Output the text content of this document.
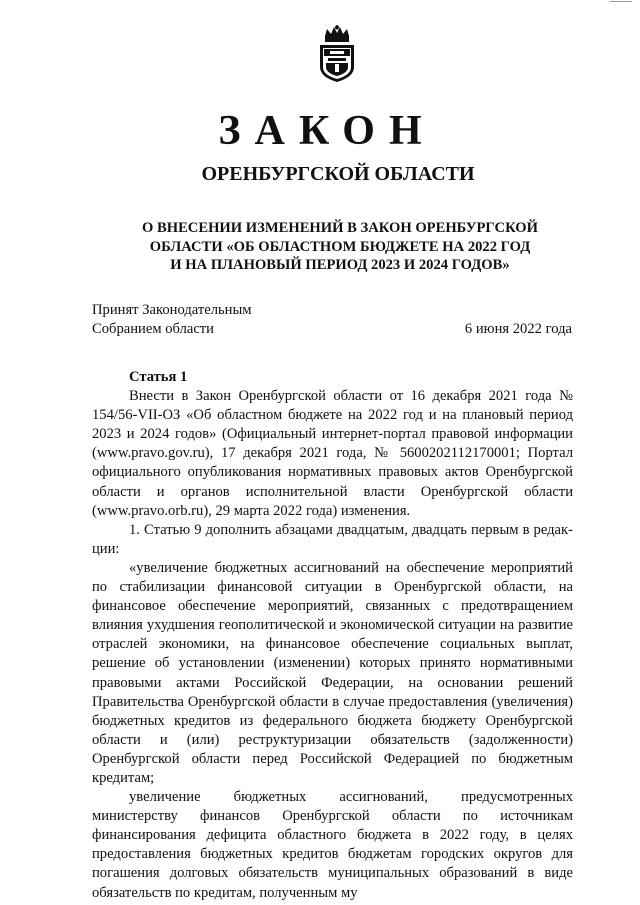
ЗАКОН
ОРЕНБУРГСКОЙ ОБЛАСТИ
О ВНЕСЕНИИ ИЗМЕНЕНИЙ В ЗАКОН ОРЕНБУРГСКОЙ
ОБЛАСТИ «ОБ ОБЛАСТНОМ БЮДЖЕТЕ НА 2022 ГОД
И НА ПЛАНОВЫЙ ПЕРИОД 2023 И 2024 ГОДОВ»
Принят Законодательным
Собранием области	6 июня 2022 года
Статья 1

Внести в Закон Оренбургской области от 16 декабря 2021 года № 154/56-VII-ОЗ «Об областном бюджете на 2022 год и на плановый период 2023 и 2024 годов» (Официальный интернет-портал правовой информации (www.pravo.gov.ru), 17 декабря 2021 года, № 5600202112170001; Портал официального опубликования нормативных правовых актов Оренбургской области и органов исполнительной власти Оренбургской области (www.pravo.orb.ru), 29 марта 2022 года) изменения.

1. Статью 9 дополнить абзацами двадцатым, двадцать первым в редакции:

«увеличение бюджетных ассигнований на обеспечение мероприятий по стабилизации финансовой ситуации в Оренбургской области, на финансовое обеспечение мероприятий, связанных с предотвращением влияния ухудшения геополитической и экономической ситуации на развитие отраслей экономики, на финансовое обеспечение социальных выплат, решение об установлении (изменении) которых принято нормативными правовыми актами Российской Федерации, на основании решений Правительства Оренбургской области в случае предоставления (увеличения) бюджетных кредитов из федерального бюджета бюджету Оренбургской области и (или) реструктуризации обязательств (задолженности) Оренбургской области перед Российской Федерацией по бюджетным кредитам;

увеличение бюджетных ассигнований, предусмотренных министерству финансов Оренбургской области по источникам финансирования дефицита областного бюджета в 2022 году, в целях предоставления бюджетных кредитов бюджетам городских округов для погашения долговых обязательств муниципальных образований в виде обязательств по кредитам, полученным му
